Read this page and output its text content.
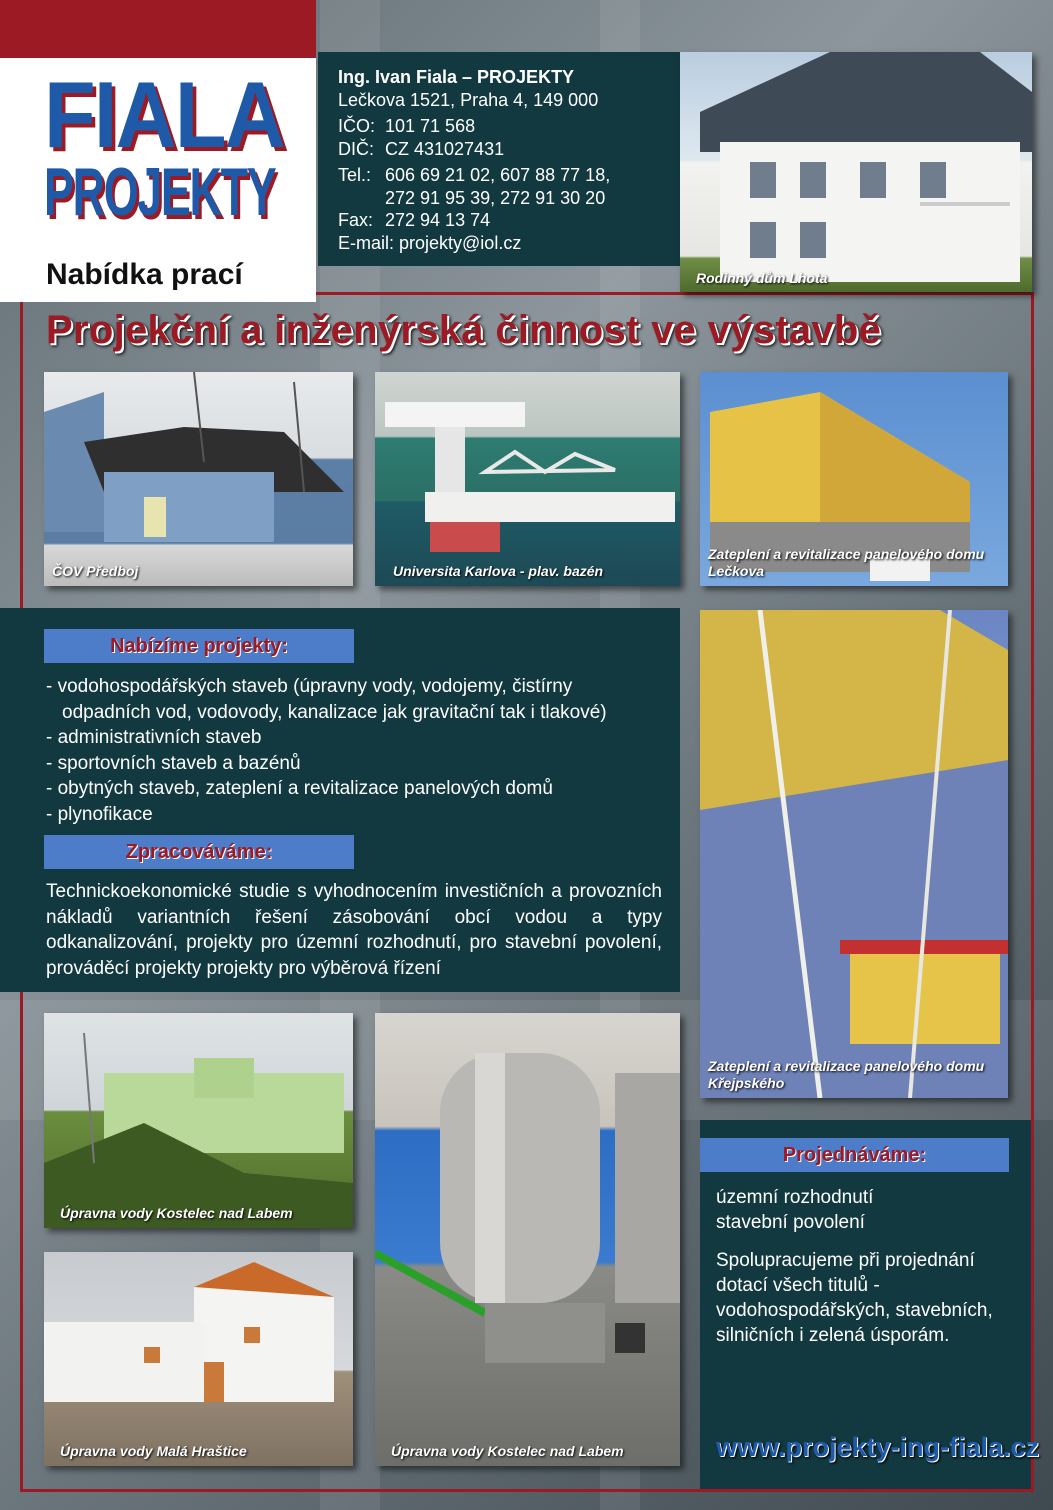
FIALA
PROJEKTY
Nabídka prací
Ing. Ivan Fiala – PROJEKTY
Lečkova 1521, Praha 4, 149 000
IČO: 101 71 568
DIČ: CZ 431027431
Tel.: 606 69 21 02, 607 88 77 18,
272 91 95 39, 272 91 30 20
Fax: 272 94 13 74
E-mail: projekty@iol.cz
Rodinný dům Lhota
Projekční a inženýrská činnost ve výstavbě
ČOV Předboj	Universita Karlova - plav. bazén
Zateplení a revitalizace panelového domu Lečkova
Nabízíme projekty:
- vodohospodářských staveb (úpravny vody, vodojemy, čistírny
odpadních vod, vodovody, kanalizace jak gravitační tak i tlakové)
- administrativních staveb
- sportovních staveb a bazénů
- obytných staveb, zateplení a revitalizace panelových domů
- plynofikace
Zpracováváme:
Technickoekonomické studie s vyhodnocením investičních a provozních nákladů variantních řešení zásobování obcí vodou a typy odkanalizování, projekty pro územní rozhodnutí, pro stavební povolení, prováděcí projekty projekty pro výběrová řízení
Zateplení a revitalizace panelového domu Křejpského
Úpravna vody Kostelec nad Labem
Úpravna vody Malá Hraštice	Úpravna vody Kostelec nad Labem
Projednáváme:
územní rozhodnutí
stavební povolení
Spolupracujeme při projednání dotací všech titulů - vodohospodářských, stavebních, silničních i zelená úsporám.
www.projekty-ing-fiala.cz
